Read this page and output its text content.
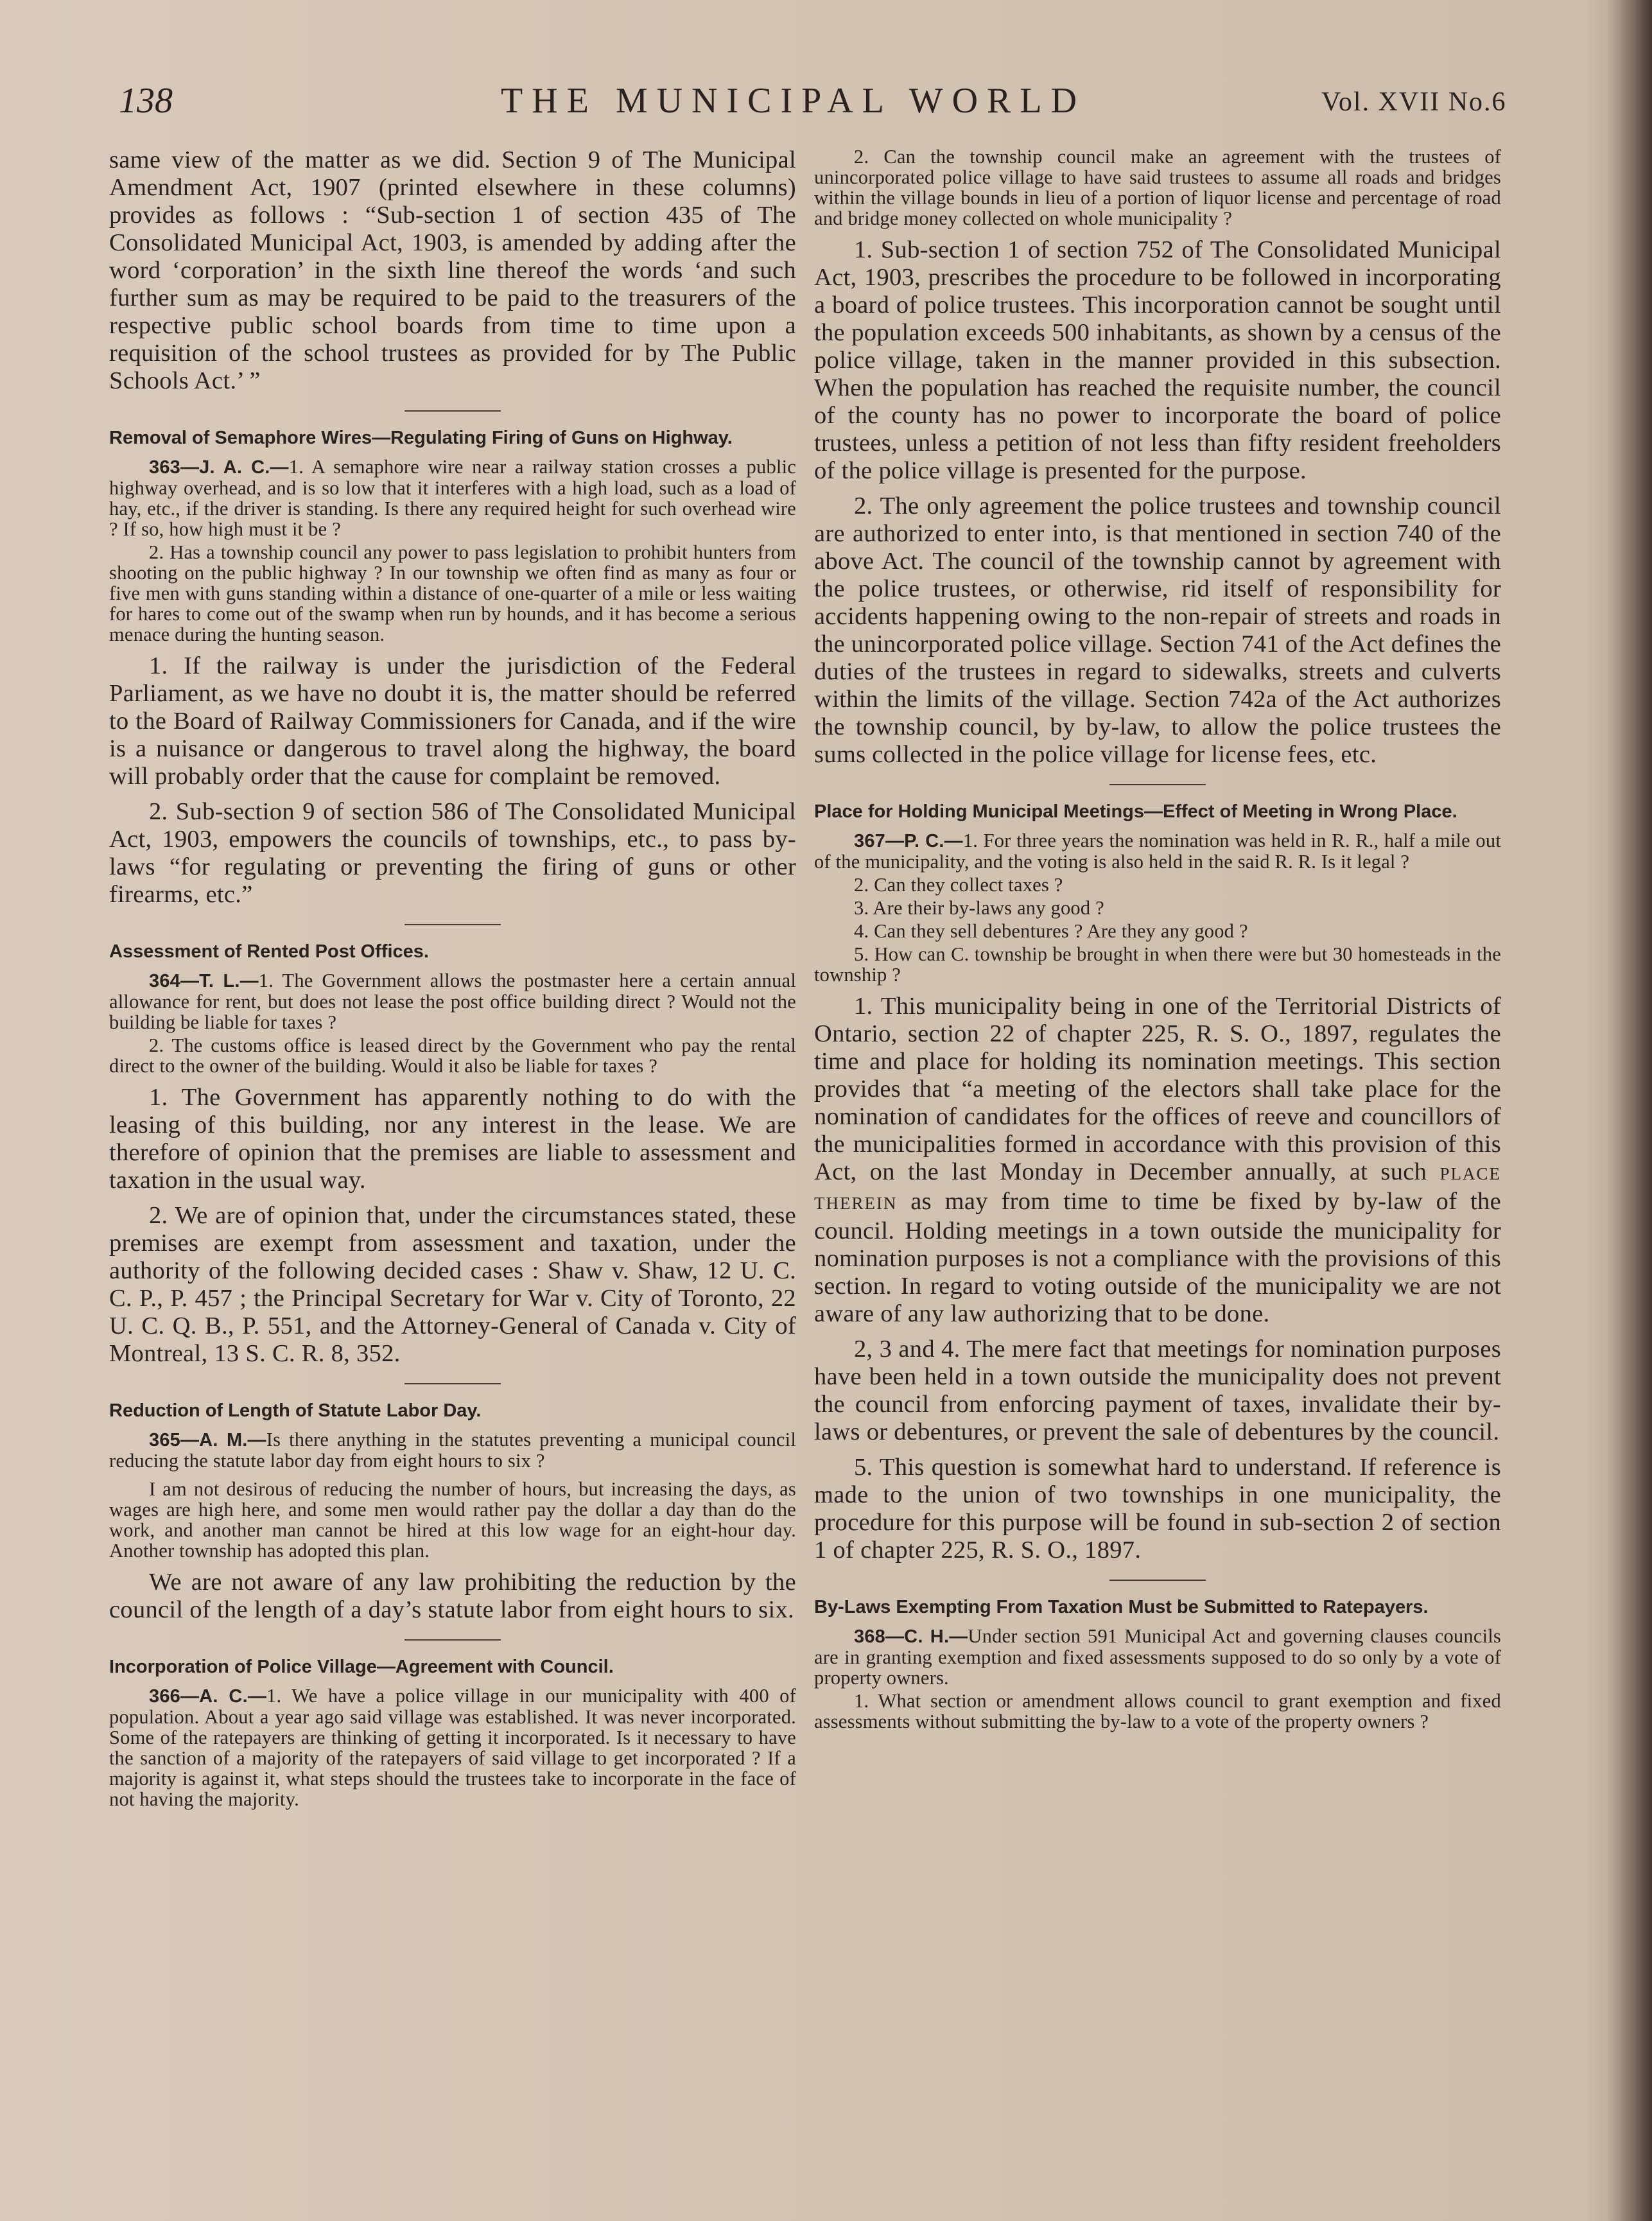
138	THE MUNICIPAL WORLD	Vol. XVII No.6

same view of the matter as we did. Section 9 of The Municipal Amendment Act, 1907 (printed elsewhere in these columns) provides as follows : “Sub-section 1 of section 435 of The Consolidated Municipal Act, 1903, is amended by adding after the word ‘corporation’ in the sixth line thereof the words ‘and such further sum as may be required to be paid to the treasurers of the respective public school boards from time to time upon a requisition of the school trustees as provided for by The Public Schools Act.’ ”

Removal of Semaphore Wires—Regulating Firing of Guns on Highway.

363—J. A. C.—1. A semaphore wire near a railway station crosses a public highway overhead, and is so low that it interferes with a high load, such as a load of hay, etc., if the driver is standing. Is there any required height for such overhead wire ? If so, how high must it be ?

2. Has a township council any power to pass legislation to prohibit hunters from shooting on the public highway ? In our township we often find as many as four or five men with guns standing within a distance of one-quarter of a mile or less waiting for hares to come out of the swamp when run by hounds, and it has become a serious menace during the hunting season.

1. If the railway is under the jurisdiction of the Federal Parliament, as we have no doubt it is, the matter should be referred to the Board of Railway Commissioners for Canada, and if the wire is a nuisance or dangerous to travel along the highway, the board will probably order that the cause for complaint be removed.

2. Sub-section 9 of section 586 of The Consolidated Municipal Act, 1903, empowers the councils of townships, etc., to pass by-laws “for regulating or preventing the firing of guns or other firearms, etc.”

Assessment of Rented Post Offices.

364—T. L.—1. The Government allows the postmaster here a certain annual allowance for rent, but does not lease the post office building direct ? Would not the building be liable for taxes ?

2. The customs office is leased direct by the Government who pay the rental direct to the owner of the building. Would it also be liable for taxes ?

1. The Government has apparently nothing to do with the leasing of this building, nor any interest in the lease. We are therefore of opinion that the premises are liable to assessment and taxation in the usual way.

2. We are of opinion that, under the circumstances stated, these premises are exempt from assessment and taxation, under the authority of the following decided cases : Shaw v. Shaw, 12 U. C. C. P., P. 457 ; the Principal Secretary for War v. City of Toronto, 22 U. C. Q. B., P. 551, and the Attorney-General of Canada v. City of Montreal, 13 S. C. R. 8, 352.

Reduction of Length of Statute Labor Day.

365—A. M.—Is there anything in the statutes preventing a municipal council reducing the statute labor day from eight hours to six ?

I am not desirous of reducing the number of hours, but increasing the days, as wages are high here, and some men would rather pay the dollar a day than do the work, and another man cannot be hired at this low wage for an eight-hour day. Another township has adopted this plan.

We are not aware of any law prohibiting the reduction by the council of the length of a day’s statute labor from eight hours to six.

Incorporation of Police Village—Agreement with Council.

366—A. C.—1. We have a police village in our municipality with 400 of population. About a year ago said village was established. It was never incorporated. Some of the ratepayers are thinking of getting it incorporated. Is it necessary to have the sanction of a majority of the ratepayers of said village to get incorporated ? If a majority is against it, what steps should the trustees take to incorporate in the face of not having the majority.

2. Can the township council make an agreement with the trustees of unincorporated police village to have said trustees to assume all roads and bridges within the village bounds in lieu of a portion of liquor license and percentage of road and bridge money collected on whole municipality ?

1. Sub-section 1 of section 752 of The Consolidated Municipal Act, 1903, prescribes the procedure to be followed in incorporating a board of police trustees. This incorporation cannot be sought until the population exceeds 500 inhabitants, as shown by a census of the police village, taken in the manner provided in this subsection. When the population has reached the requisite number, the council of the county has no power to incorporate the board of police trustees, unless a petition of not less than fifty resident freeholders of the police village is presented for the purpose.

2. The only agreement the police trustees and township council are authorized to enter into, is that mentioned in section 740 of the above Act. The council of the township cannot by agreement with the police trustees, or otherwise, rid itself of responsibility for accidents happening owing to the non-repair of streets and roads in the unincorporated police village. Section 741 of the Act defines the duties of the trustees in regard to sidewalks, streets and culverts within the limits of the village. Section 742a of the Act authorizes the township council, by by-law, to allow the police trustees the sums collected in the police village for license fees, etc.

Place for Holding Municipal Meetings—Effect of Meeting in Wrong Place.

367—P. C.—1. For three years the nomination was held in R. R., half a mile out of the municipality, and the voting is also held in the said R. R. Is it legal ?

2. Can they collect taxes ?

3. Are their by-laws any good ?

4. Can they sell debentures ? Are they any good ?

5. How can C. township be brought in when there were but 30 homesteads in the township ?

1. This municipality being in one of the Territorial Districts of Ontario, section 22 of chapter 225, R. S. O., 1897, regulates the time and place for holding its nomination meetings. This section provides that “a meeting of the electors shall take place for the nomination of candidates for the offices of reeve and councillors of the municipalities formed in accordance with this provision of this Act, on the last Monday in December annually, at such PLACE THEREIN as may from time to time be fixed by by-law of the council. Holding meetings in a town outside the municipality for nomination purposes is not a compliance with the provisions of this section. In regard to voting outside of the municipality we are not aware of any law authorizing that to be done.

2, 3 and 4. The mere fact that meetings for nomination purposes have been held in a town outside the municipality does not prevent the council from enforcing payment of taxes, invalidate their by-laws or debentures, or prevent the sale of debentures by the council.

5. This question is somewhat hard to understand. If reference is made to the union of two townships in one municipality, the procedure for this purpose will be found in sub-section 2 of section 1 of chapter 225, R. S. O., 1897.

By-Laws Exempting From Taxation Must be Submitted to Ratepayers.

368—C. H.—Under section 591 Municipal Act and governing clauses councils are in granting exemption and fixed assessments supposed to do so only by a vote of property owners.

1. What section or amendment allows council to grant exemption and fixed assessments without submitting the by-law to a vote of the property owners ?
